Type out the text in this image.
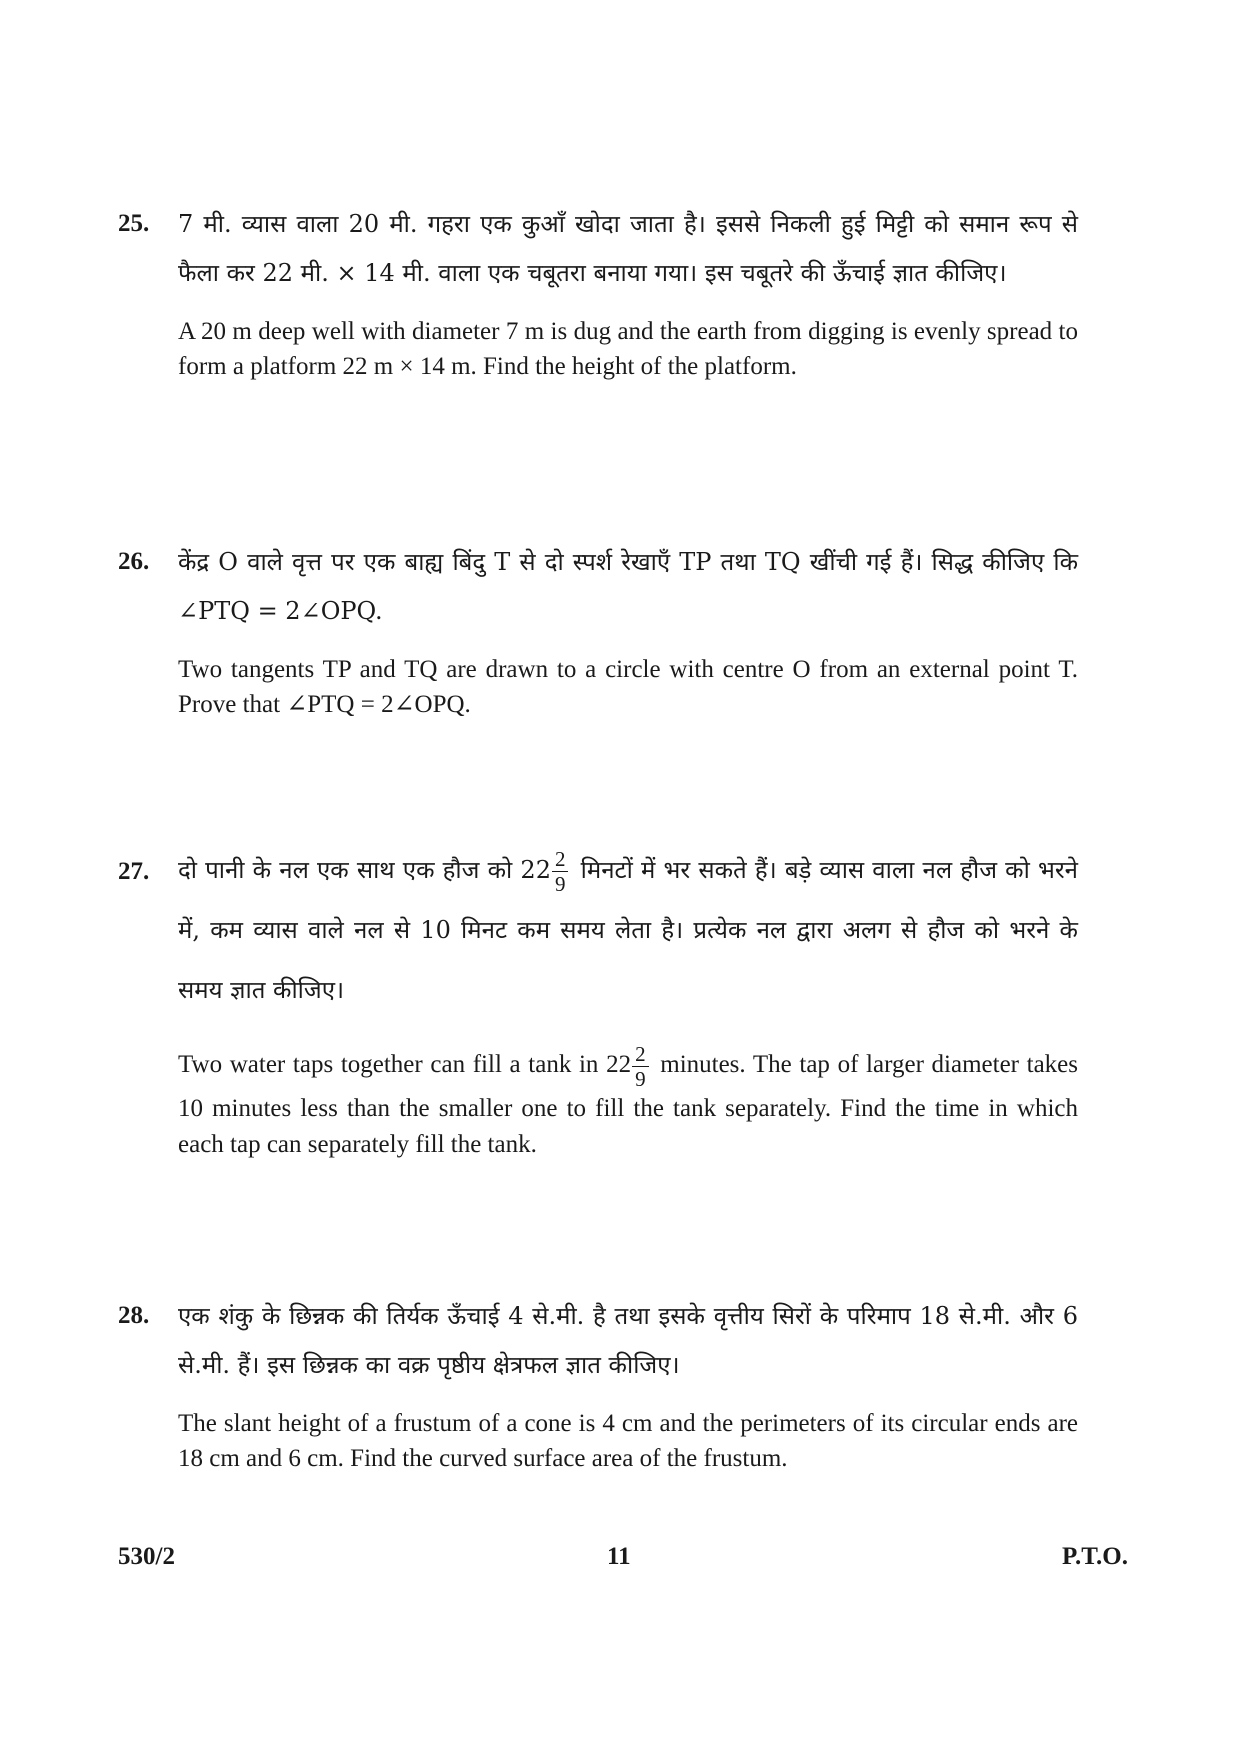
25. 7 मी. व्यास वाला 20 मी. गहरा एक कुआँ खोदा जाता है। इससे निकली हुई मिट्टी को समान रूप से फैला कर 22 मी. × 14 मी. वाला एक चबूतरा बनाया गया। इस चबूतरे की ऊँचाई ज्ञात कीजिए।
A 20 m deep well with diameter 7 m is dug and the earth from digging is evenly spread to form a platform 22 m × 14 m. Find the height of the platform.
26. केंद्र O वाले वृत्त पर एक बाह्य बिंदु T से दो स्पर्श रेखाएँ TP तथा TQ खींची गई हैं। सिद्ध कीजिए कि ∠PTQ = 2∠OPQ.
Two tangents TP and TQ are drawn to a circle with centre O from an external point T. Prove that ∠PTQ = 2∠OPQ.
27. दो पानी के नल एक साथ एक हौज को $22 \frac{2}{9}$ मिनटों में भर सकते हैं। बड़े व्यास वाला नल हौज को भरने में, कम व्यास वाले नल से 10 मिनट कम समय लेता है। प्रत्येक नल द्वारा अलग से हौज को भरने के समय ज्ञात कीजिए।
Two water taps together can fill a tank in $22 \frac{2}{9}$ minutes. The tap of larger diameter takes 10 minutes less than the smaller one to fill the tank separately. Find the time in which each tap can separately fill the tank.
28. एक शंकु के छिन्नक की तिर्यक ऊँचाई 4 से.मी. है तथा इसके वृत्तीय सिरों के परिमाप 18 से.मी. और 6 से.मी. हैं। इस छिन्नक का वक्र पृष्ठीय क्षेत्रफल ज्ञात कीजिए।
The slant height of a frustum of a cone is 4 cm and the perimeters of its circular ends are 18 cm and 6 cm. Find the curved surface area of the frustum.
530/2	11	P.T.O.
